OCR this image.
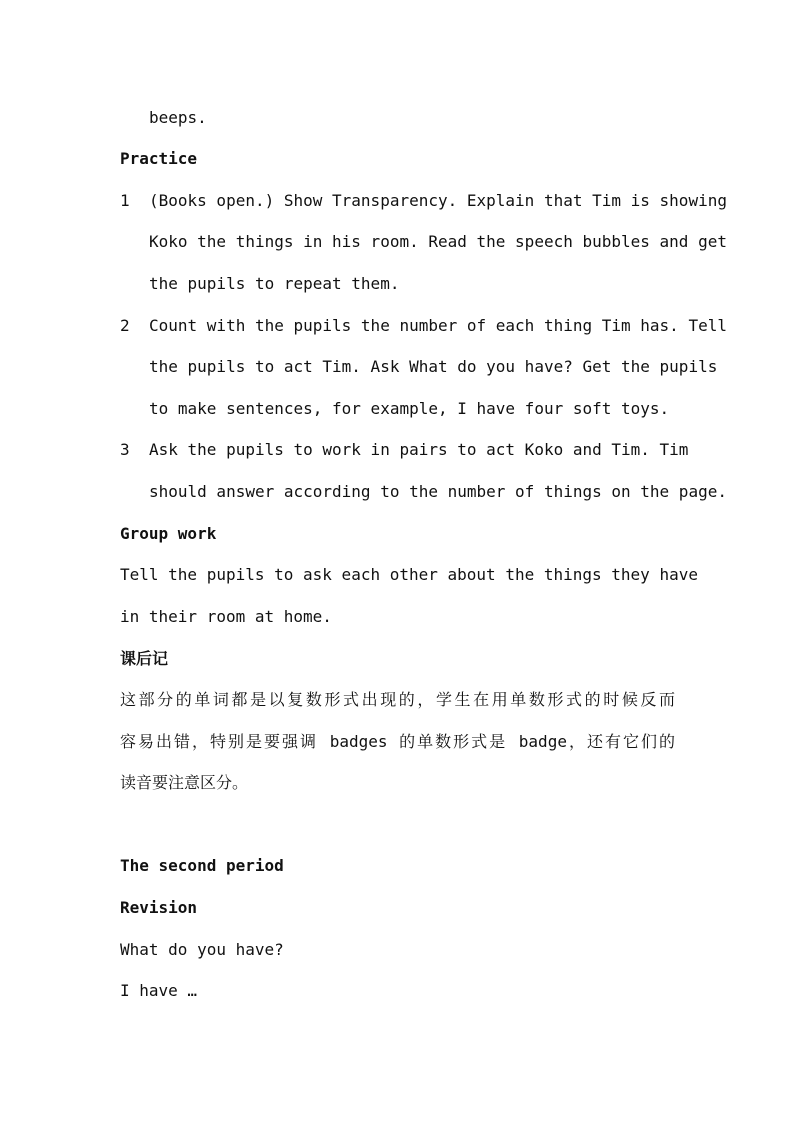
beeps.
Practice
1 (Books open.) Show Transparency. Explain that Tim is showing
Koko the things in his room. Read the speech bubbles and get
the pupils to repeat them.
2 Count with the pupils the number of each thing Tim has. Tell
the pupils to act Tim. Ask What do you have? Get the pupils
to make sentences, for example, I have four soft toys.
3 Ask the pupils to work in pairs to act Koko and Tim. Tim
should answer according to the number of things on the page.
Group work
Tell the pupils to ask each other about the things they have
in their room at home.
课后记
这部分的单词都是以复数形式出现的，学生在用单数形式的时候反而
容易出错，特别是要强调 badges 的单数形式是 badge，还有它们的
读音要注意区分。
The second period
Revision
What do you have?
I have …
